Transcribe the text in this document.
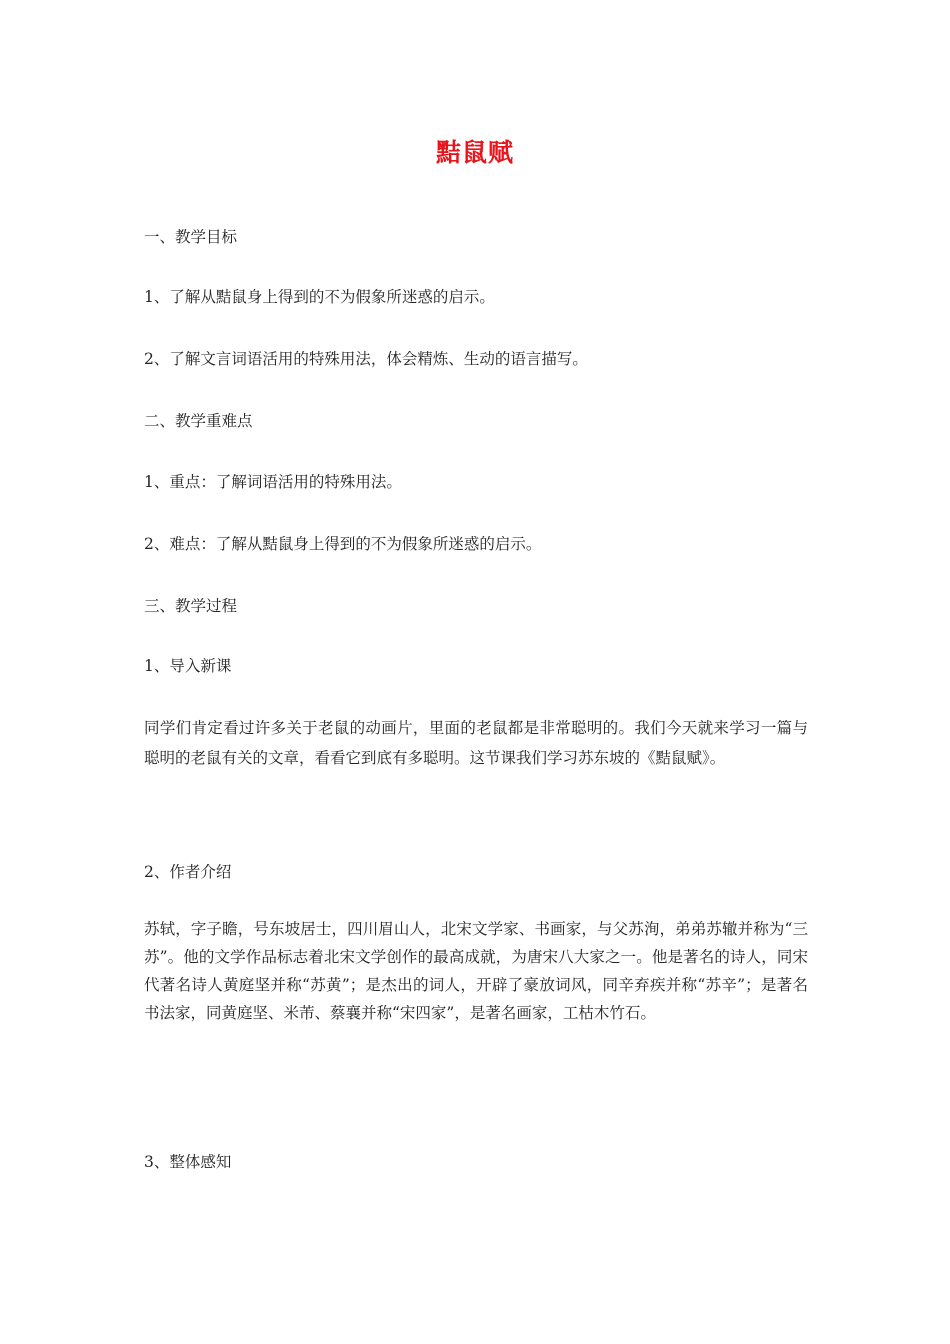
黠鼠赋
一、教学目标
1、了解从黠鼠身上得到的不为假象所迷惑的启示。
2、了解文言词语活用的特殊用法，体会精炼、生动的语言描写。
二、教学重难点
1、重点：了解词语活用的特殊用法。
2、难点：了解从黠鼠身上得到的不为假象所迷惑的启示。
三、教学过程
1、导入新课
同学们肯定看过许多关于老鼠的动画片，里面的老鼠都是非常聪明的。我们今天就来学习一篇与聪明的老鼠有关的文章，看看它到底有多聪明。这节课我们学习苏东坡的《黠鼠赋》。
2、作者介绍
苏轼，字子瞻，号东坡居士，四川眉山人，北宋文学家、书画家，与父苏洵，弟弟苏辙并称为“三苏”。他的文学作品标志着北宋文学创作的最高成就，为唐宋八大家之一。他是著名的诗人，同宋代著名诗人黄庭坚并称“苏黄”；是杰出的词人，开辟了豪放词风，同辛弃疾并称“苏辛”；是著名书法家，同黄庭坚、米芾、蔡襄并称“宋四家”，是著名画家，工枯木竹石。
3、整体感知
